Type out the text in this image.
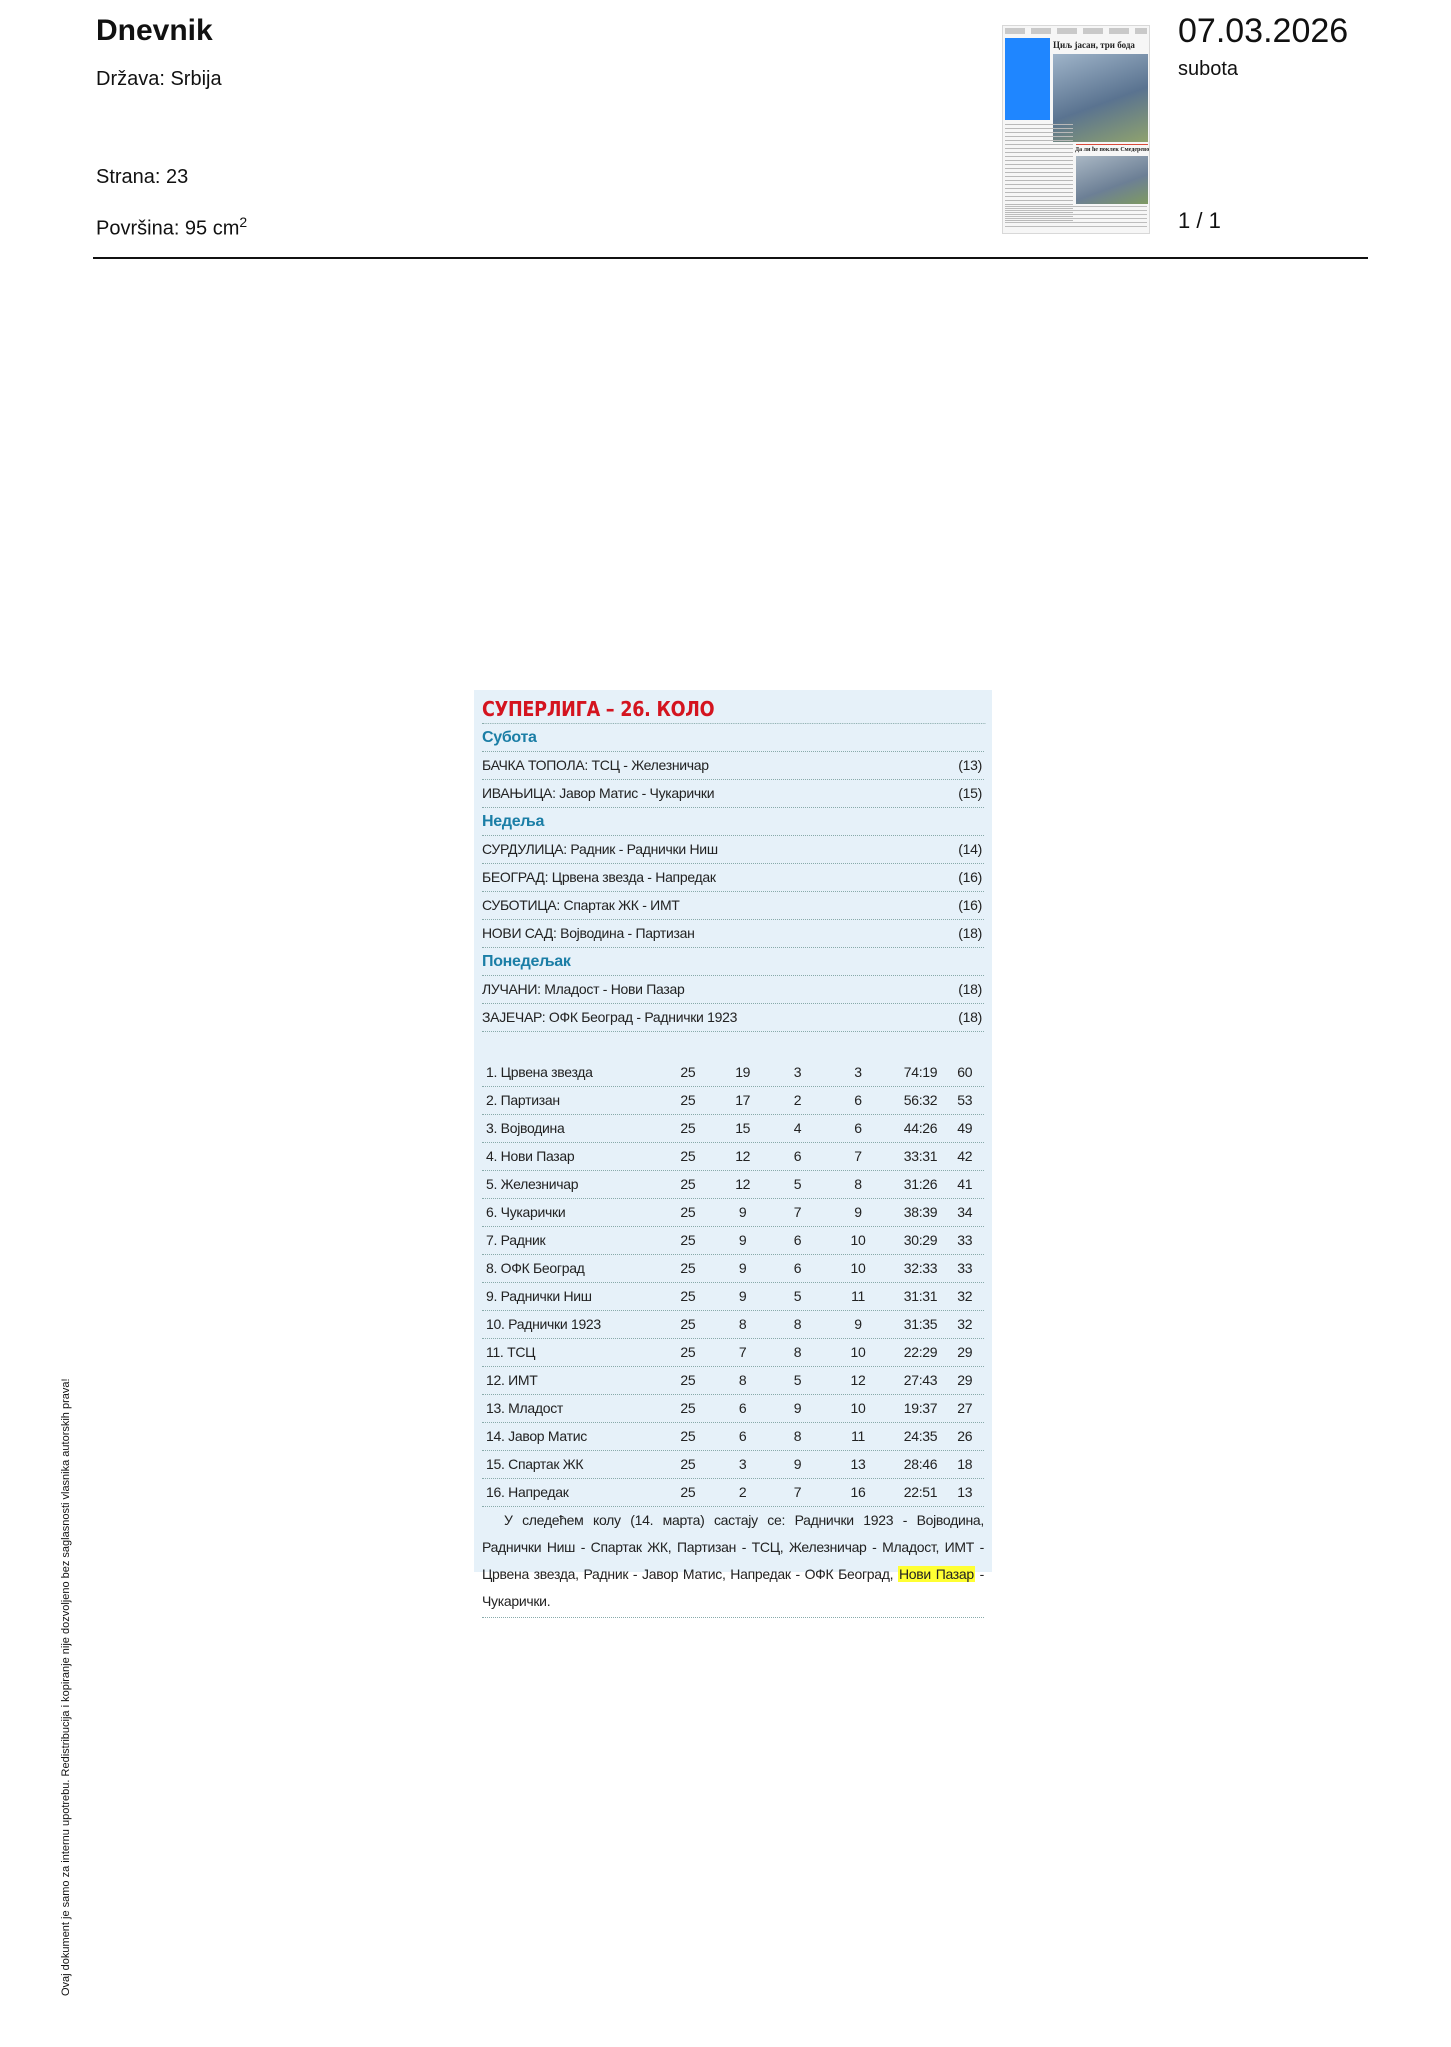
Dnevnik
Država: Srbija
Strana: 23
Površina: 95 $cm^2$
Циљ јасан, три бода
Да ли ће поклек Смедерево
07.03.2026
subota
1 / 1
СУПЕРЛИГА – 26. КОЛО
Субота
БАЧКА ТОПОЛА: ТСЦ - Железничар	(13)
ИВАЊИЦА: Јавор Матис - Чукарички	(15)
Недеља
СУРДУЛИЦА: Радник - Раднички Ниш	(14)
БЕОГРАД: Црвена звезда - Напредак	(16)
СУБОТИЦА: Спартак ЖК - ИМТ	(16)
НОВИ САД: Војводина - Партизан	(18)
Понедељак
ЛУЧАНИ: Младост - Нови Пазар	(18)
ЗАЈЕЧАР: ОФК Београд - Раднички 1923	(18)
1. Црвена звезда	25	19	3	3	74:19	60
2. Партизан	25	17	2	6	56:32	53
3. Војводина	25	15	4	6	44:26	49
4. Нови Пазар	25	12	6	7	33:31	42
5. Железничар	25	12	5	8	31:26	41
6. Чукарички	25	9	7	9	38:39	34
7. Радник	25	9	6	10	30:29	33
8. ОФК Београд	25	9	6	10	32:33	33
9. Раднички Ниш	25	9	5	11	31:31	32
10. Раднички 1923	25	8	8	9	31:35	32
11. ТСЦ	25	7	8	10	22:29	29
12. ИМТ	25	8	5	12	27:43	29
13. Младост	25	6	9	10	19:37	27
14. Јавор Матис	25	6	8	11	24:35	26
15. Спартак ЖК	25	3	9	13	28:46	18
16. Напредак	25	2	7	16	22:51	13
У следећем колу (14. марта) састају се: Раднички 1923 - Војводина, Раднички Ниш - Спартак ЖК, Партизан - ТСЦ, Железничар - Младост, ИМТ - Црвена звезда, Радник - Јавор Матис, Напредак - ОФК Београд, Нови Пазар - Чукарички.
Ovaj dokument je samo za internu upotrebu. Redistribucija i kopiranje nije dozvoljeno bez saglasnosti vlasnika autorskih prava!
